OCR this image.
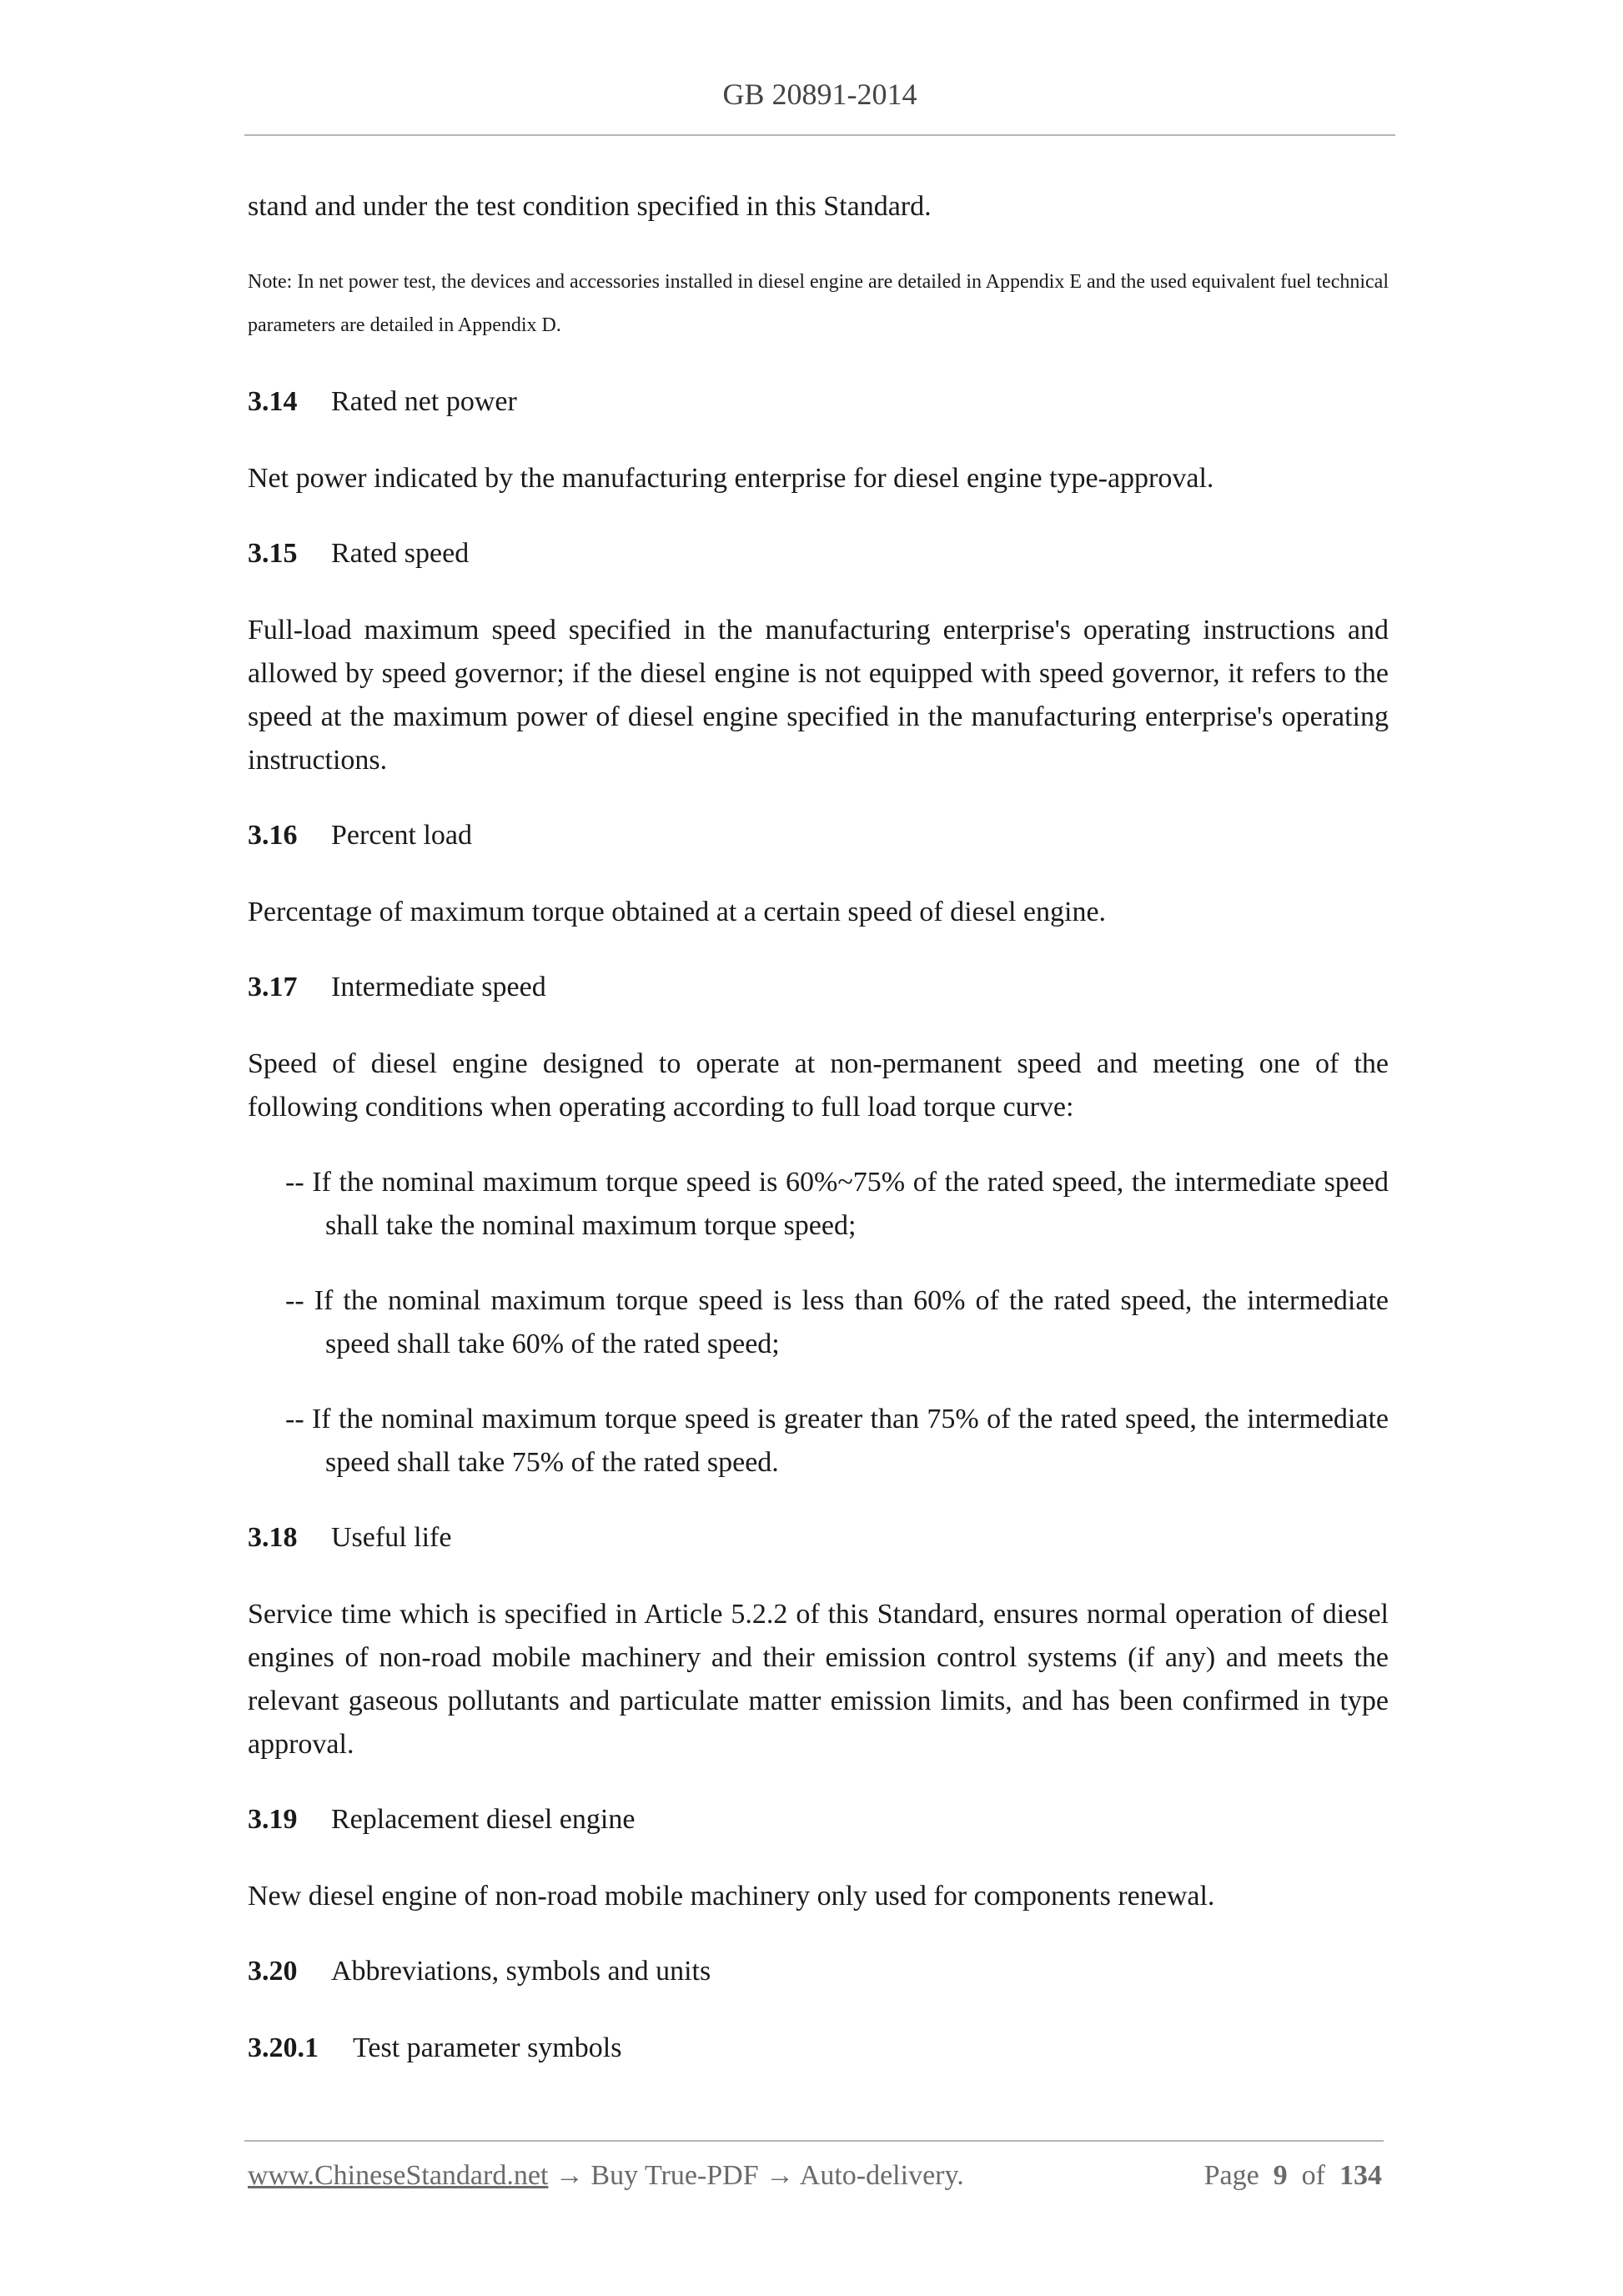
GB 20891-2014

stand and under the test condition specified in this Standard.

Note: In net power test, the devices and accessories installed in diesel engine are detailed in Appendix E and the used equivalent fuel technical parameters are detailed in Appendix D.

3.14 Rated net power

Net power indicated by the manufacturing enterprise for diesel engine type-approval.

3.15 Rated speed

Full-load maximum speed specified in the manufacturing enterprise's operating instructions and allowed by speed governor; if the diesel engine is not equipped with speed governor, it refers to the speed at the maximum power of diesel engine specified in the manufacturing enterprise's operating instructions.

3.16 Percent load

Percentage of maximum torque obtained at a certain speed of diesel engine.

3.17 Intermediate speed

Speed of diesel engine designed to operate at non-permanent speed and meeting one of the following conditions when operating according to full load torque curve:

-- If the nominal maximum torque speed is 60%~75% of the rated speed, the intermediate speed shall take the nominal maximum torque speed;

-- If the nominal maximum torque speed is less than 60% of the rated speed, the intermediate speed shall take 60% of the rated speed;

-- If the nominal maximum torque speed is greater than 75% of the rated speed, the intermediate speed shall take 75% of the rated speed.

3.18 Useful life

Service time which is specified in Article 5.2.2 of this Standard, ensures normal operation of diesel engines of non-road mobile machinery and their emission control systems (if any) and meets the relevant gaseous pollutants and particulate matter emission limits, and has been confirmed in type approval.

3.19 Replacement diesel engine

New diesel engine of non-road mobile machinery only used for components renewal.

3.20 Abbreviations, symbols and units
3.20.1 Test parameter symbols
www.ChineseStandard.net → Buy True-PDF → Auto-delivery.	Page 9 of 134
